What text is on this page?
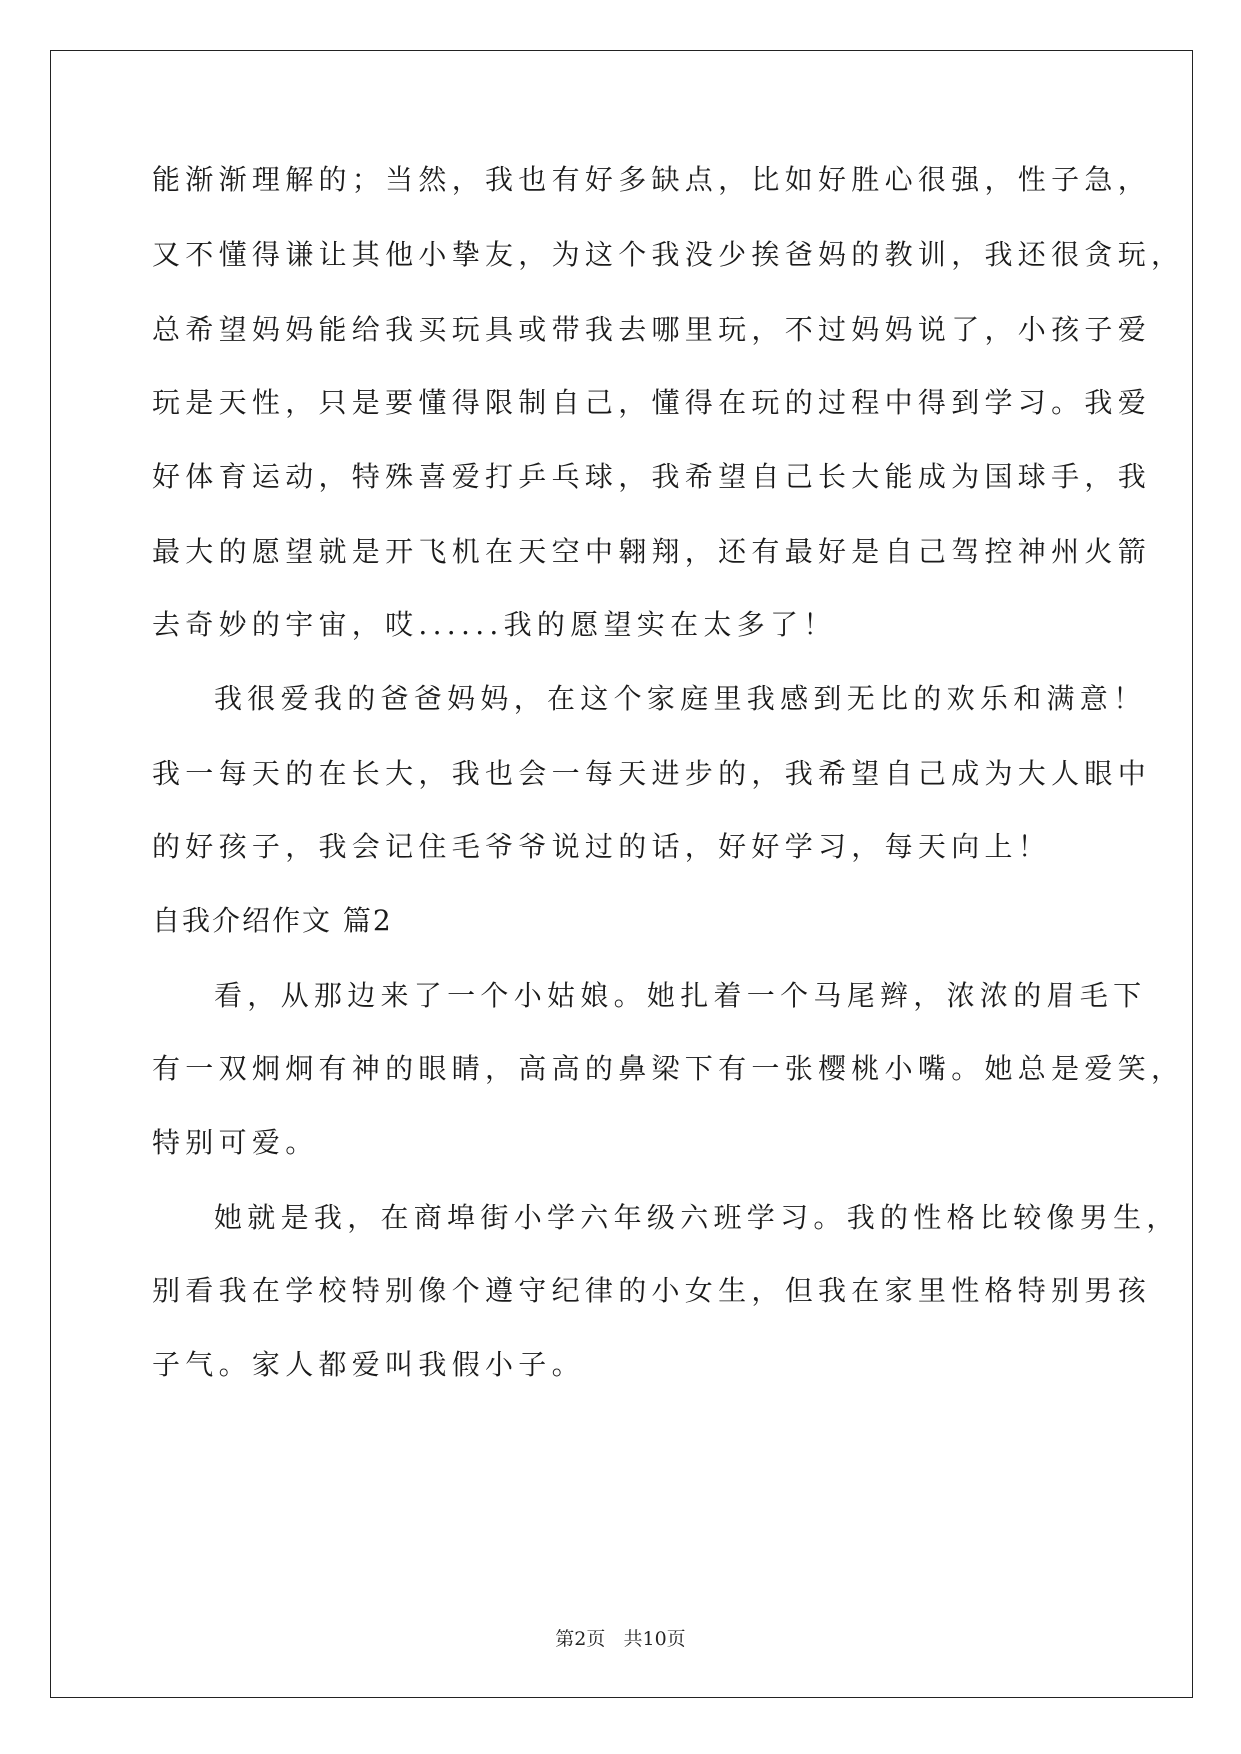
能渐渐理解的；当然，我也有好多缺点，比如好胜心很强，性子急，
又不懂得谦让其他小挚友，为这个我没少挨爸妈的教训，我还很贪玩，
总希望妈妈能给我买玩具或带我去哪里玩，不过妈妈说了，小孩子爱
玩是天性，只是要懂得限制自己，懂得在玩的过程中得到学习。我爱
好体育运动，特殊喜爱打乒乓球，我希望自己长大能成为国球手，我
最大的愿望就是开飞机在天空中翱翔，还有最好是自己驾控神州火箭
去奇妙的宇宙，哎......我的愿望实在太多了！
我很爱我的爸爸妈妈，在这个家庭里我感到无比的欢乐和满意！
我一每天的在长大，我也会一每天进步的，我希望自己成为大人眼中
的好孩子，我会记住毛爷爷说过的话，好好学习，每天向上！
自我介绍作文 篇2
看，从那边来了一个小姑娘。她扎着一个马尾辫，浓浓的眉毛下
有一双炯炯有神的眼睛，高高的鼻梁下有一张樱桃小嘴。她总是爱笑，
特别可爱。
她就是我，在商埠街小学六年级六班学习。我的性格比较像男生，
别看我在学校特别像个遵守纪律的小女生，但我在家里性格特别男孩
子气。家人都爱叫我假小子。
第2页   共10页
